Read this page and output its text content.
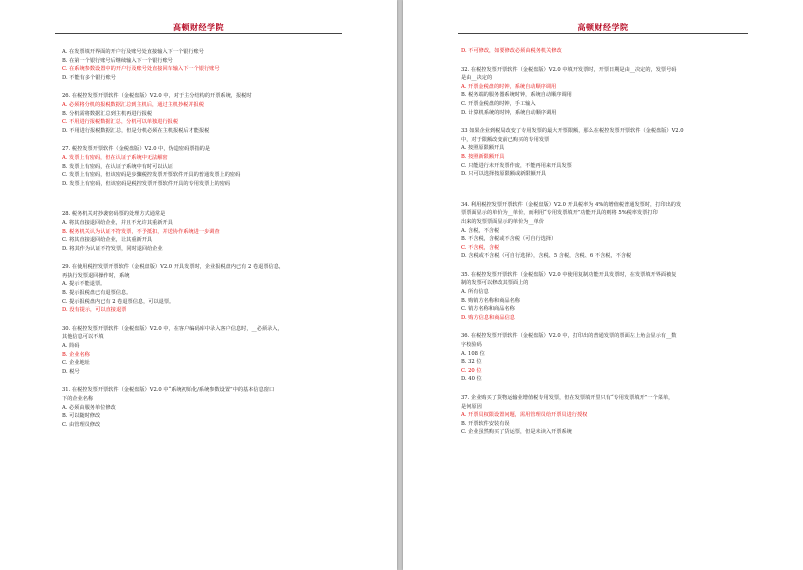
高顿财经学院
A. 在发票填开界面的开户行及账号处直接输入下一个银行账号
B. 在第一个银行账号后继续输入下一个银行账号
C. 在系统参数设置中的开户行及账号处直接回车输入下一个银行账号
D. 不能有多个银行账号
26. 在税控发票开票软件（金税盘版）V2.0 中，对于主分结构的开票系统，报税时
A. 必须将分机的报税数据汇总到主机后，通过主机抄税并报税
B. 分机需将数据汇总到主机再进行报税
C. 不用进行报税数据汇总，分机可以单独进行报税
D. 不用进行报税数据汇总，但是分机必须在主机报税后才能报税
27. 税控发票开票软件（金税盘版）V2.0 中，伪造密码票指的是
A. 发票上有密码，但在认证子系统中无法解密
B. 发票上有密码，在认证子系统中有时可以认证
C. 发票上有密码，但该密码是步骤税控发票开票软件开具的普通发票上的密码
D. 发票上有密码，但该密码是税控发票开票软件开具的专用发票上的密码
28. 税务机关对抄袭密码票的处理方式通常是
A. 将其直接退回给企业，并且不允许其重新开具
B. 税务机关认为认证不符发票，不予抵扣，并送协作系统进一步调查
C. 将其直接退回给企业，让其重新开具
D. 将其作为认证不符发票，同时退回给企业
29. 在使用税控发票开票软件（金税盘版）V2.0 开具发票时，企业报税盘内已有 2 卷退票信息，
再执行发票退回操作时，系统
A. 提示不能退票。
B. 提示报税盘已有退票信息。
C. 提示报税盘内已有 2 卷退票信息，可以退票。
D. 没有提示，可以直接退票
30. 在税控发票开票软件（金税盘版）V2.0 中，在客户编码库中录入客户信息时，__必须录入，
其他信息可以不填
A. 简码
B. 企业名称
C. 企业地址
D. 税号
31. 在税控发票开票软件（金税盘版）V2.0 中“系统初始化/系统参数设置”中的基本信息窗口
下的企业名称
A. 必须由服务单位修改
B. 可以随时修改
C. 由管理员修改
高顿财经学院
D. 不可修改，如要修改必须由税务机关修改
32. 在税控发票开票软件（金税盘版）V2.0 中填开发票时，开票日期是由__决定的，发票号码
是由__决定的
A. 开票金税盘的时钟，系统自动顺序调用
B. 税务端的服务器系统时钟，系统自动顺序调用
C. 开票金税盘的时钟，手工输入
D. 计算机系统的时钟，系统自动顺序调用
33 如果企业到税局改变了专用发票的最大开票限额，那么在税控发票开票软件（金税盘版）V2.0
中，对于限额改变前已购买的专用发票
A. 按照原限额开具
B. 按照新限额开具
C. 只能进行未开发票作废，不能再用来开具发票
D. 只可以选择按原限额或新限额开具
34. 利用税控发票开票软件（金税盘版）V2.0 开具税率为 4%的增值税普通发票时，打印出的发
票票面显示的单价为__单价，而利用“专用发票填开”功能开具的则将 5%税率发票打印
出来的发票票面显示的单价为__单价
A. 含税，不含税
B. 不含税，含税或不含税（可自行选择）
C. 不含税，含税
D. 含税或不含税（可自行选择），含税、5 含税，含税、6 不含税，不含税
35. 在税控发票开票软件（金税盘版）V2.0 中使用复制功能开具发票时，在发票填开界面被复
制的发票可以修改其票面上的
A. 所有信息
B. 购销方名称和商品名称
C. 销方名称和商品名称
D. 购方信息和商品信息
36. 在税控发票开票软件（金税盘版）V2.0 中，打印出的普通发票的票面左上角会显示有__数
字校验码
A. 108 位
B. 32 位
C. 20 位
D. 40 位
37. 企业购买了货物运输业增值税专用发票，但在发票填开里只有“专用发票填开”一个菜单，
是何原因
A. 开票员权限设置问题，需用管理员给开票员进行授权
B. 开票软件安装有误
C. 企业虽然购买了货运票，但是未读入开票系统
